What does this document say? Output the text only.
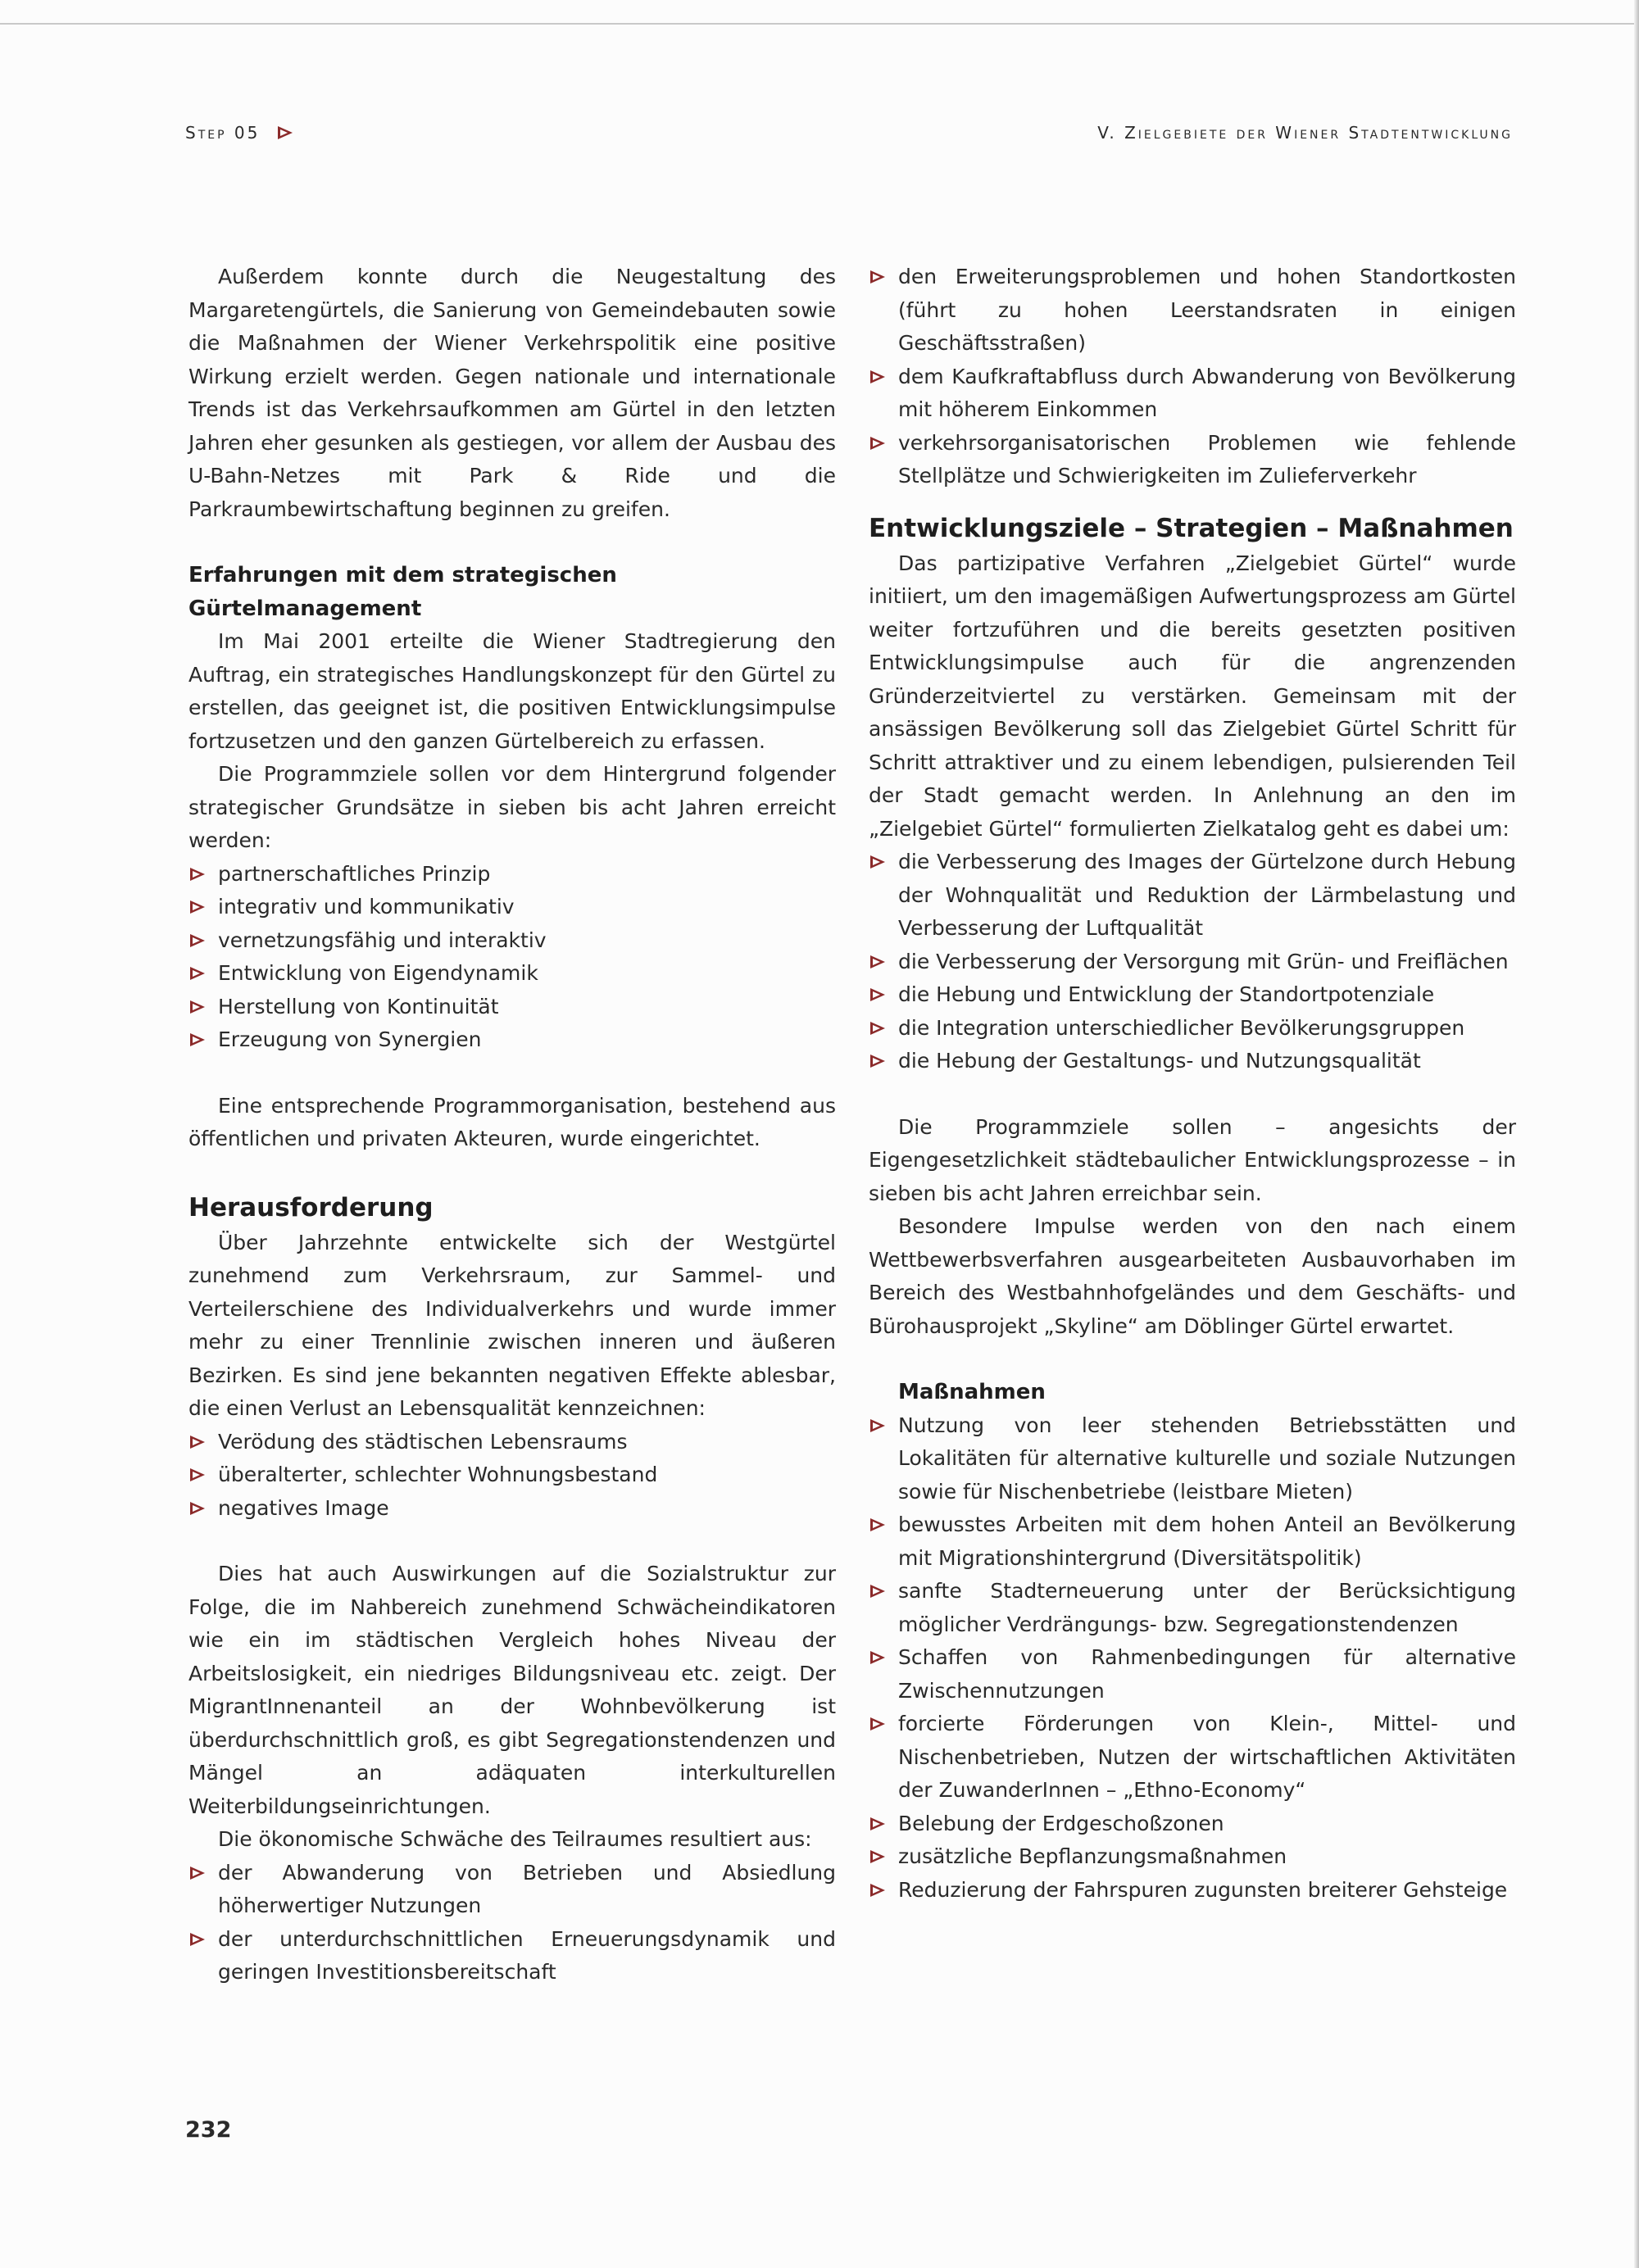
Step 05	V. Zielgebiete der Wiener Stadtentwicklung

Außerdem konnte durch die Neugestaltung des Margaretengürtels, die Sanierung von Gemeindebauten sowie die Maßnahmen der Wiener Verkehrspolitik eine positive Wirkung erzielt werden. Gegen nationale und internationale Trends ist das Verkehrsaufkommen am Gürtel in den letzten Jahren eher gesunken als gestiegen, vor allem der Ausbau des U-Bahn-Netzes mit Park & Ride und die Parkraumbewirtschaftung beginnen zu greifen.

Erfahrungen mit dem strategischen Gürtelmanagement

Im Mai 2001 erteilte die Wiener Stadtregierung den Auftrag, ein strategisches Handlungskonzept für den Gürtel zu erstellen, das geeignet ist, die positiven Entwicklungsimpulse fortzusetzen und den ganzen Gürtelbereich zu erfassen.

Die Programmziele sollen vor dem Hintergrund folgender strategischer Grundsätze in sieben bis acht Jahren erreicht werden:

partnerschaftliches Prinzip
integrativ und kommunikativ
vernetzungsfähig und interaktiv
Entwicklung von Eigendynamik
Herstellung von Kontinuität
Erzeugung von Synergien

Eine entsprechende Programmorganisation, bestehend aus öffentlichen und privaten Akteuren, wurde eingerichtet.

Herausforderung

Über Jahrzehnte entwickelte sich der Westgürtel zunehmend zum Verkehrsraum, zur Sammel- und Verteilerschiene des Individualverkehrs und wurde immer mehr zu einer Trennlinie zwischen inneren und äußeren Bezirken. Es sind jene bekannten negativen Effekte ablesbar, die einen Verlust an Lebensqualität kennzeichnen:

Verödung des städtischen Lebensraums
überalterter, schlechter Wohnungsbestand
negatives Image

Dies hat auch Auswirkungen auf die Sozialstruktur zur Folge, die im Nahbereich zunehmend Schwächeindikatoren wie ein im städtischen Vergleich hohes Niveau der Arbeitslosigkeit, ein niedriges Bildungsniveau etc. zeigt. Der MigrantInnenanteil an der Wohnbevölkerung ist überdurchschnittlich groß, es gibt Segregationstendenzen und Mängel an adäquaten interkulturellen Weiterbildungseinrichtungen.

Die ökonomische Schwäche des Teilraumes resultiert aus:

der Abwanderung von Betrieben und Absiedlung höherwertiger Nutzungen
der unterdurchschnittlichen Erneuerungsdynamik und geringen Investitionsbereitschaft
den Erweiterungsproblemen und hohen Standortkosten (führt zu hohen Leerstandsraten in einigen Geschäftsstraßen)
dem Kaufkraftabfluss durch Abwanderung von Bevölkerung mit höherem Einkommen
verkehrsorganisatorischen Problemen wie fehlende Stellplätze und Schwierigkeiten im Zulieferverkehr
Entwicklungsziele – Strategien – Maßnahmen

Das partizipative Verfahren „Zielgebiet Gürtel“ wurde initiiert, um den imagemäßigen Aufwertungsprozess am Gürtel weiter fortzuführen und die bereits gesetzten positiven Entwicklungsimpulse auch für die angrenzenden Gründerzeitviertel zu verstärken. Gemeinsam mit der ansässigen Bevölkerung soll das Zielgebiet Gürtel Schritt für Schritt attraktiver und zu einem lebendigen, pulsierenden Teil der Stadt gemacht werden. In Anlehnung an den im „Zielgebiet Gürtel“ formulierten Zielkatalog geht es dabei um:

die Verbesserung des Images der Gürtelzone durch Hebung der Wohnqualität und Reduktion der Lärmbelastung und Verbesserung der Luftqualität
die Verbesserung der Versorgung mit Grün- und Freiflächen
die Hebung und Entwicklung der Standortpotenziale
die Integration unterschiedlicher Bevölkerungsgruppen
die Hebung der Gestaltungs- und Nutzungsqualität

Die Programmziele sollen – angesichts der Eigengesetzlichkeit städtebaulicher Entwicklungsprozesse – in sieben bis acht Jahren erreichbar sein.

Besondere Impulse werden von den nach einem Wettbewerbsverfahren ausgearbeiteten Ausbauvorhaben im Bereich des Westbahnhofgeländes und dem Geschäfts- und Bürohausprojekt „Skyline“ am Döblinger Gürtel erwartet.

Maßnahmen
Nutzung von leer stehenden Betriebsstätten und Lokalitäten für alternative kulturelle und soziale Nutzungen sowie für Nischenbetriebe (leistbare Mieten)
bewusstes Arbeiten mit dem hohen Anteil an Bevölkerung mit Migrationshintergrund (Diversitätspolitik)
sanfte Stadterneuerung unter der Berücksichtigung möglicher Verdrängungs- bzw. Segregationstendenzen
Schaffen von Rahmenbedingungen für alternative Zwischennutzungen
forcierte Förderungen von Klein-, Mittel- und Nischenbetrieben, Nutzen der wirtschaftlichen Aktivitäten der ZuwanderInnen – „Ethno-Economy“
Belebung der Erdgeschoßzonen
zusätzliche Bepflanzungsmaßnahmen
Reduzierung der Fahrspuren zugunsten breiterer Gehsteige
232
